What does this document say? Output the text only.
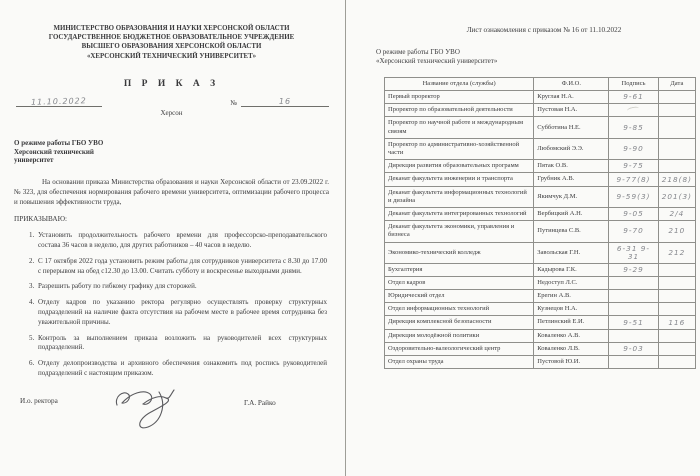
МИНИСТЕРСТВО ОБРАЗОВАНИЯ И НАУКИ ХЕРСОНСКОЙ ОБЛАСТИ
ГОСУДАРСТВЕННОЕ БЮДЖЕТНОЕ ОБРАЗОВАТЕЛЬНОЕ УЧРЕЖДЕНИЕ
ВЫСШЕГО ОБРАЗОВАНИЯ ХЕРСОНСКОЙ ОБЛАСТИ
«ХЕРСОНСКИЙ ТЕХНИЧЕСКИЙ УНИВЕРСИТЕТ»
П Р И К А З
11.10.2022
Херсон
№	16
О режиме работы ГБО УВО
Херсонский технический
университет

На основании приказа Министерства образования и науки Херсонской области от 23.09.2022 г. № 323, для обеспечения нормирования рабочего времени университета, оптимизации рабочего процесса и повышения эффективности труда,

ПРИКАЗЫВАЮ:
1. Установить продолжительность рабочего времени для профессорско-преподавательского состава 36 часов в неделю, для других работников – 40 часов в неделю.
2. С 17 октября 2022 года установить режим работы для сотрудников университета с 8.30 до 17.00 с перерывом на обед с12.30 до 13.00. Считать субботу и воскресенье выходными днями.
3. Разрешить работу по гибкому графику для сторожей.
4. Отделу кадров по указанию ректора регулярно осуществлять проверку структурных подразделений на наличие факта отсутствия на рабочем месте в рабочее время сотрудника без уважительной причины.
5. Контроль за выполнением приказа возложить на руководителей всех структурных подразделений.
6. Отделу делопроизводства и архивного обеспечения ознакомить под роспись руководителей подразделений с настоящим приказом.
И.о. ректора	Г.А. Райко
Лист ознакомления с приказом № 16 от 11.10.2022
О режиме работы ГБО УВО
«Херсонский технический университет»
Название отдела (службы)	Ф.И.О.	Подпись	Дата
Первый проректор	Круглая Н.А.	9-61	
Проректор по образовательной деятельности	Пустовая Н.А.		
Проректор по научной работе и международным связям	Субботина Н.Е.	9-85	
Проректор по административно-хозяйственной части	Любомский Э.Э.	9-90	
Дирекция развития образовательных программ	Пятак О.В.	9-75	
Деканат факультета инженерии и транспорта	Грубник А.В.	9-77(8)	218(8)
Деканат факультета информационных технологий и дизайна	Якимчук Д.М.	9-59(3)	201(3)
Деканат факультета интегрированных технологий	Вербицкий А.Н.	9-05	2/4
Деканат факультета экономики, управления и бизнеса	Путинцева С.В.	9-70	210
Экономико-технический колледж	Завольская Г.Н.	6-31 9-31	212
Бухгалтерия	Кадырова Г.К.	9-29	
Отдел кадров	Недоступ Л.С.		
Юридический отдел	Ерегин А.В.		
Отдел информационных технологий	Кузнецов Н.А.		
Дирекция комплексной безопасности	Петлинский Е.И.	9-51	116
Дирекция молодёжной политики	Коваленко А.В.		
Оздоровительно-валеологический центр	Коваленко Л.В.	9-03	
Отдел охраны труда	Пустовой Ю.И.		
